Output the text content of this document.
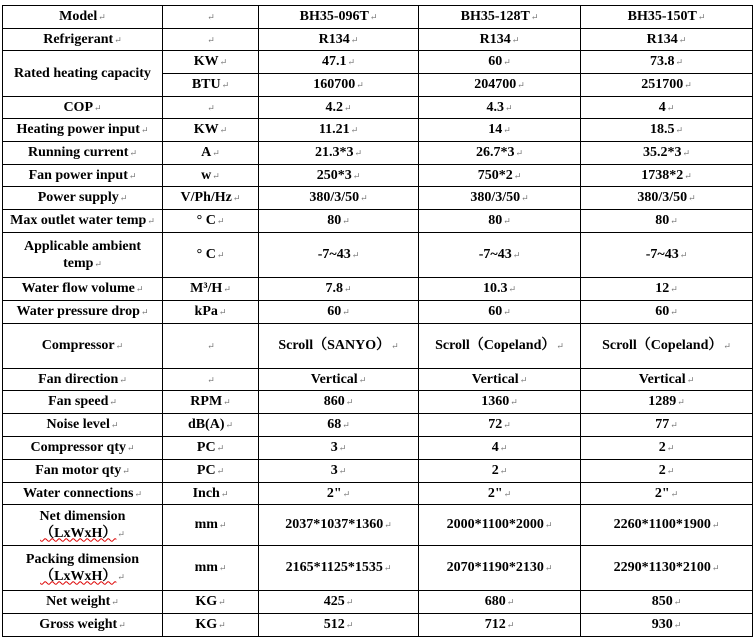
Model ↵	↵	BH35-096T ↵	BH35-128T ↵	BH35-150T ↵
Refrigerant ↵	↵	R134 ↵	R134 ↵	R134 ↵
Rated heating capacity	KW ↵	47.1 ↵	60 ↵	73.8 ↵
	BTU ↵	160700 ↵	204700 ↵	251700 ↵
COP ↵	↵	4.2 ↵	4.3 ↵	4 ↵
Heating power input ↵	KW ↵	11.21 ↵	14 ↵	18.5 ↵
Running current ↵	A ↵	21.3*3 ↵	26.7*3 ↵	35.2*3 ↵
Fan power input ↵	w ↵	250*3 ↵	750*2 ↵	1738*2 ↵
Power supply ↵	V/Ph/Hz ↵	380/3/50 ↵	380/3/50 ↵	380/3/50 ↵
Max outlet water temp ↵	° C ↵	80 ↵	80 ↵	80 ↵
Applicable ambient temp ↵	° C ↵	-7~43 ↵	-7~43 ↵	-7~43 ↵
Water flow volume ↵	M³/H ↵	7.8 ↵	10.3 ↵	12 ↵
Water pressure drop ↵	kPa ↵	60 ↵	60 ↵	60 ↵
Compressor ↵	↵	Scroll（SANYO） ↵	Scroll（Copeland） ↵	Scroll（Copeland） ↵
Fan direction ↵	↵	Vertical ↵	Vertical ↵	Vertical ↵
Fan speed ↵	RPM ↵	860 ↵	1360 ↵	1289 ↵
Noise level ↵	dB(A) ↵	68 ↵	72 ↵	77 ↵
Compressor qty ↵	PC ↵	3 ↵	4 ↵	2 ↵
Fan motor qty ↵	PC ↵	3 ↵	2 ↵	2 ↵
Water connections ↵	Inch ↵	2" ↵	2" ↵	2" ↵
Net dimension
（LxWxH） ↵	mm ↵	2037*1037*1360 ↵	2000*1100*2000 ↵	2260*1100*1900 ↵
Packing dimension
（LxWxH） ↵	mm ↵	2165*1125*1535 ↵	2070*1190*2130 ↵	2290*1130*2100 ↵
Net weight ↵	KG ↵	425 ↵	680 ↵	850 ↵
Gross weight ↵	KG ↵	512 ↵	712 ↵	930 ↵
